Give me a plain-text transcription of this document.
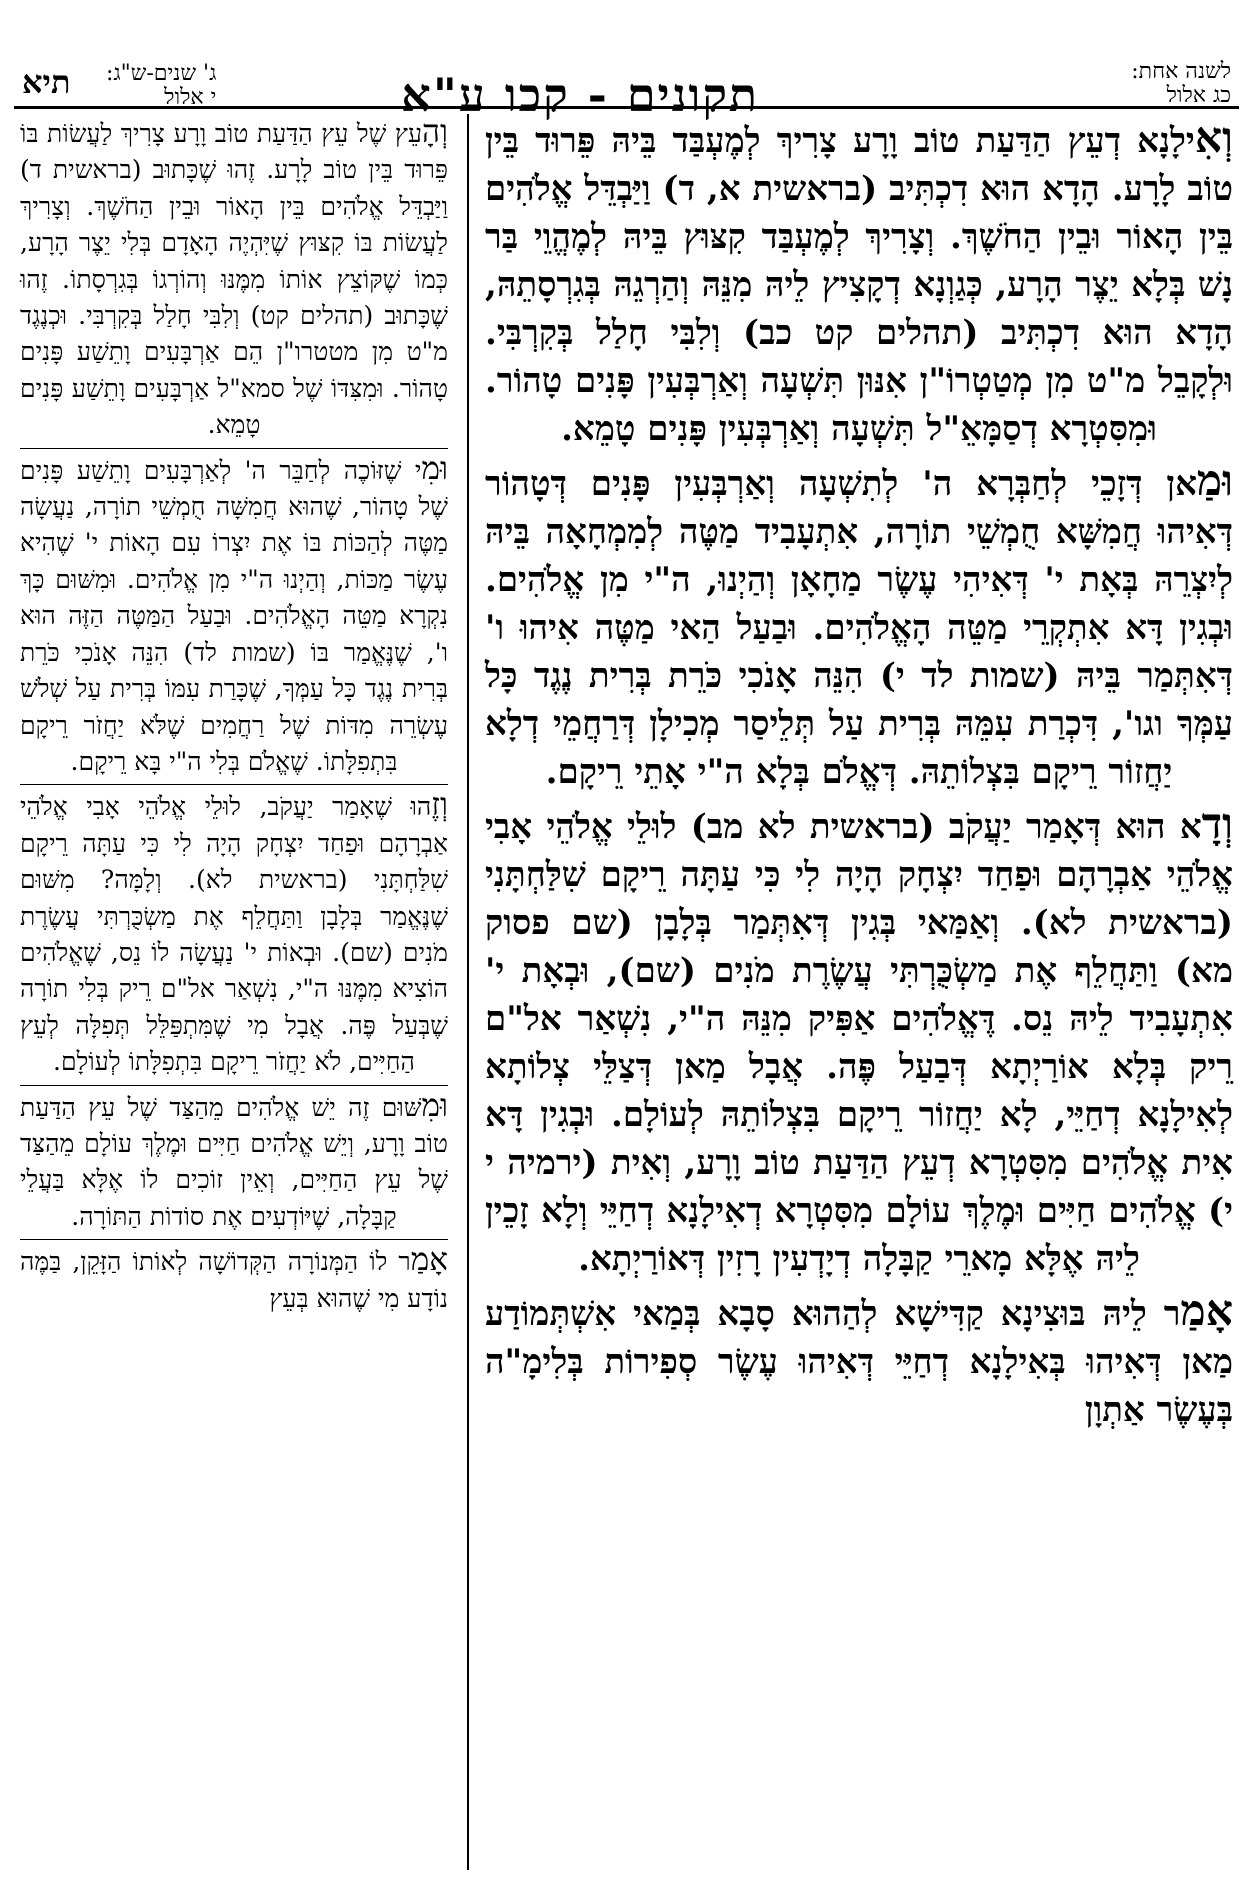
לשנה אחת:
כג אלול
תקונים - קכו ע"א
ג' שנים-ש"ג:
י אלול
תיא

וְאִילָנָא דְעֵץ הַדַּעַת טוֹב וָרָע צָרִיךְ לְמֶעְבַּד בֵּיהּ פֵּרוּד בֵּין טוֹב לָרָע. הָדָא הוּא דִכְתִּיב (בראשית א, ד) וַיַּבְדֵּל אֱלֹהִים בֵּין הָאוֹר וּבֵין הַחֹשֶׁךְ. וְצָרִיךְ לְמֶעְבַּד קִצּוּץ בֵּיהּ לְמֶהֱוֵי בַּר נָשׁ בְּלָא יֵצֶר הָרָע, כְּגַוְנָא דְקָצִיץ לֵיהּ מִנֵּהּ וְהַרְגֵהּ בְּגִרְסָתֵהּ, הָדָא הוּא דִכְתִּיב (תהלים קט כב) וְלִבִּי חָלַל בְּקִרְבִּי. וּלְקָבֵל מ"ט מִן מְטַטְרוֹ"ן אִנּוּן תִּשְׁעָה וְאַרְבְּעִין פָּנִים טָהוֹר. וּמִסִּטְרָא דְסַמָּאֵ"ל תִּשְׁעָה וְאַרְבְּעִין פָּנִים טָמֵא.

וּמַאן דְּזָכֵי לְחַבְּרָא ה' לְתִשְׁעָה וְאַרְבְּעִין פָּנִים דְּטָהוֹר דְּאִיהוּ חֲמִשָּׁא חֻמְשֵׁי תוֹרָה, אִתְעָבִיד מַטֶּה לְמִמְחָאָה בֵּיהּ לְיִצְרֵהּ בְּאָת י' דְּאִיהִי עֶשֶׂר מַחָאָן וְהַיְנוּ, ה"י מִן אֱלֹהִים. וּבְגִין דָּא אִתְקְרֵי מַטֵּה הָאֱלֹהִים. וּבַעַל הַאי מַטֶּה אִיהוּ ו' דְּאִתְּמַר בֵּיהּ (שמות לד י) הִנֵּה אָנֹכִי כֹּרֵת בְּרִית נֶגֶד כָּל עַמְּךָ וגו', דִּכְרַת עִמֵּהּ בְּרִית עַל תְּלֵיסַר מְכִילָן דְּרַחֲמֵי דְלָא יַחֲזוֹר רֵיקָם בִּצְלוֹתֵהּ. דְּאֱלֹם בְּלָא ה"י אָתֵי רֵיקָם.

וְדָא הוּא דְּאָמַר יַעֲקֹב (בראשית לא מב) לוּלֵי אֱלֹהֵי אָבִי אֱלֹהֵי אַבְרָהָם וּפַחַד יִצְחָק הָיָה לִי כִּי עַתָּה רֵיקָם שִׁלַּחְתָּנִי (בראשית לא). וְאַמַּאי בְּגִין דְּאִתְּמַר בְּלָבָן (שם פסוק מא) וַתַּחֲלֵף אֶת מַשְׂכֻּרְתִּי עֲשֶׂרֶת מֹנִים (שם), וּבְאָת י' אִתְעָבִיד לֵיהּ נֵס. דֶּאֱלֹהִים אַפִּיק מִנֵּהּ ה"י, נִשְׁאַר אל"ם רֵיק בְּלָא אוֹרַיְתָא דְּבַעַל פֶּה. אֲבָל מַאן דְּצַלֵּי צְלוֹתָא לְאִילָנָא דְחַיֵּי, לָא יַחֲזוֹר רֵיקָם בִּצְלוֹתֵהּ לְעוֹלָם. וּבְגִין דָּא אִית אֱלֹהִים מִסִּטְרָא דְעֵץ הַדַּעַת טוֹב וָרָע, וְאִית (ירמיה י י) אֱלֹהִים חַיִּים וּמֶלֶךְ עוֹלָם מִסִּטְרָא דְאִילָנָא דְחַיֵּי וְלָא זָכֵין לֵיהּ אֶלָּא מָארֵי קַבָּלָה דְיָדְעִין רָזִין דְּאוֹרַיְתָא.

אָמַר לֵיהּ בּוּצִינָא קַדִּישָׁא לְהַהוּא סָבָא בְּמַאי אִשְׁתְּמוֹדַע מַאן דְּאִיהוּ בְּאִילָנָא דְחַיֵּי דְּאִיהוּ עֶשֶׂר סְפִירוֹת בְּלִימָ"ה בְּעֶשֶׂר אַתְוָן

וְהָעֵץ שֶׁל עֵץ הַדַּעַת טוֹב וָרָע צָרִיךְ לַעֲשׂוֹת בּוֹ פֵּרוּד בֵּין טוֹב לָרָע. זֶהוּ שֶׁכָּתוּב (בראשית ד) וַיַּבְדֵּל אֱלֹהִים בֵּין הָאוֹר וּבֵין הַחֹשֶׁךְ. וְצָרִיךְ לַעֲשׂוֹת בּוֹ קִצּוּץ שֶׁיִּהְיֶה הָאָדָם בְּלִי יֵצֶר הָרָע, כְּמוֹ שֶׁקּוֹצֵץ אוֹתוֹ מִמֶּנּוּ וְהוֹרְגוֹ בְּגִרְסָתוֹ. זֶהוּ שֶׁכָּתוּב (תהלים קט) וְלִבִּי חָלַל בְּקִרְבִּי. וּכְנֶגֶד מ"ט מִן מטטרו"ן הֵם אַרְבָּעִים וָתֵשַׁע פָּנִים טָהוֹר. וּמִצִּדּוֹ שֶׁל סמא"ל אַרְבָּעִים וָתֵשַׁע פָּנִים טָמֵא.

וּמִי שֶׁזּוֹכֶה לְחַבֵּר ה' לְאַרְבָּעִים וָתֵשַׁע פָּנִים שֶׁל טָהוֹר, שֶׁהוּא חֲמִשָּׁה חֻמְשֵׁי תוֹרָה, נַעֲשָׂה מַטֶּה לְהַכּוֹת בּוֹ אֶת יִצְרוֹ עִם הָאוֹת י' שֶׁהִיא עֶשֶׂר מַכּוֹת, וְהַיְנוּ ה"י מִן אֱלֹהִים. וּמִשּׁוּם כָּךְ נִקְרָא מַטֵּה הָאֱלֹהִים. וּבַעַל הַמַּטֶּה הַזֶּה הוּא ו', שֶׁנֶּאֱמַר בּוֹ (שמות לד) הִנֵּה אָנֹכִי כֹּרֵת בְּרִית נֶגֶד כָּל עַמְּךָ, שֶׁכָּרַת עִמּוֹ בְּרִית עַל שְׁלֹשׁ עֶשְׂרֵה מִדּוֹת שֶׁל רַחֲמִים שֶׁלֹּא יַחֲזֹר רֵיקָם בִּתְפִלָּתוֹ. שֶׁאֱלֹם בְּלִי ה"י בָּא רֵיקָם.

וְזֶהוּ שֶׁאָמַר יַעֲקֹב, לוּלֵי אֱלֹהֵי אָבִי אֱלֹהֵי אַבְרָהָם וּפַחַד יִצְחָק הָיָה לִי כִּי עַתָּה רֵיקָם שִׁלַּחְתָּנִי (בראשית לא). וְלָמָּה? מִשּׁוּם שֶׁנֶּאֱמַר בְּלָבָן וַתַּחֲלֵף אֶת מַשְׂכֻּרְתִּי עֲשֶׂרֶת מֹנִים (שם). וּבְאוֹת י' נַעֲשָׂה לוֹ נֵס, שֶׁאֱלֹהִים הוֹצִיא מִמֶּנּוּ ה"י, נִשְׁאַר אל"ם רֵיק בְּלִי תוֹרָה שֶׁבְּעַל פֶּה. אֲבָל מִי שֶׁמִּתְפַּלֵּל תְּפִלָּה לְעֵץ הַחַיִּים, לֹא יַחֲזֹר רֵיקָם בִּתְפִלָּתוֹ לְעוֹלָם.

וּמִשּׁוּם זֶה יֵשׁ אֱלֹהִים מֵהַצַּד שֶׁל עֵץ הַדַּעַת טוֹב וָרָע, וְיֵשׁ אֱלֹהִים חַיִּים וּמֶלֶךְ עוֹלָם מֵהַצַּד שֶׁל עֵץ הַחַיִּים, וְאֵין זוֹכִים לוֹ אֶלָּא בַּעֲלֵי קַבָּלָה, שֶׁיּוֹדְעִים אֶת סוֹדוֹת הַתּוֹרָה.

אָמַר לוֹ הַמְּנוֹרָה הַקְּדוֹשָׁה לְאוֹתוֹ הַזָּקֵן, בַּמֶּה נוֹדָע מִי שֶׁהוּא בְּעֵץ
